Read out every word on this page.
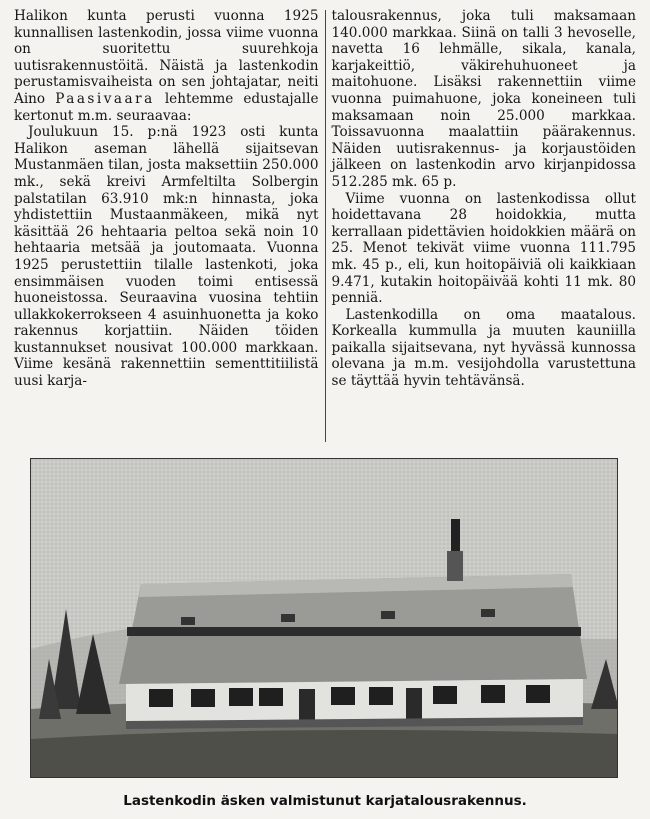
Halikon kunta perusti vuonna 1925 kunnallisen lastenkodin, jossa viime vuonna on suoritettu suurehkoja uutisrakennustöitä. Näistä ja lastenkodin perustamisvaiheista on sen johtajatar, neiti Aino Paasivaara lehtemme edustajalle kertonut m.m. seuraavaa:

Joulukuun 15. p:nä 1923 osti kunta Halikon aseman lähellä sijaitsevan Mustanmäen tilan, josta maksettiin 250.000 mk., sekä kreivi Armfeltilta Solbergin palstatilan 63.910 mk:n hinnasta, joka yhdistettiin Mustaanmäkeen, mikä nyt käsittää 26 hehtaaria peltoa sekä noin 10 hehtaaria metsää ja joutomaata. Vuonna 1925 perustettiin tilalle lastenkoti, joka ensimmäisen vuoden toimi entisessä huoneistossa. Seuraavina vuosina tehtiin ullakkokerrokseen 4 asuinhuonetta ja koko rakennus korjattiin. Näiden töiden kustannukset nousivat 100.000 markkaan. Viime kesänä rakennettiin sementtitiilistä uusi karja-

talousrakennus, joka tuli maksamaan 140.000 markkaa. Siinä on talli 3 hevoselle, navetta 16 lehmälle, sikala, kanala, karjakeittiö, väkirehuhuoneet ja maitohuone. Lisäksi rakennettiin viime vuonna puimahuone, joka koneineen tuli maksamaan noin 25.000 markkaa. Toissavuonna maalattiin päärakennus. Näiden uutisrakennus- ja korjaustöiden jälkeen on lastenkodin arvo kirjanpidossa 512.285 mk. 65 p.

Viime vuonna on lastenkodissa ollut hoidettavana 28 hoidokkia, mutta kerrallaan pidettävien hoidokkien määrä on 25. Menot tekivät viime vuonna 111.795 mk. 45 p., eli, kun hoitopäiviä oli kaikkiaan 9.471, kutakin hoitopäivää kohti 11 mk. 80 penniä.

Lastenkodilla on oma maatalous. Korkealla kummulla ja muuten kauniilla paikalla sijaitsevana, nyt hyvässä kunnossa olevana ja m.m. vesijohdolla varustettuna se täyttää hyvin tehtävänsä.

Lastenkodin äsken valmistunut karjatalousrakennus.
